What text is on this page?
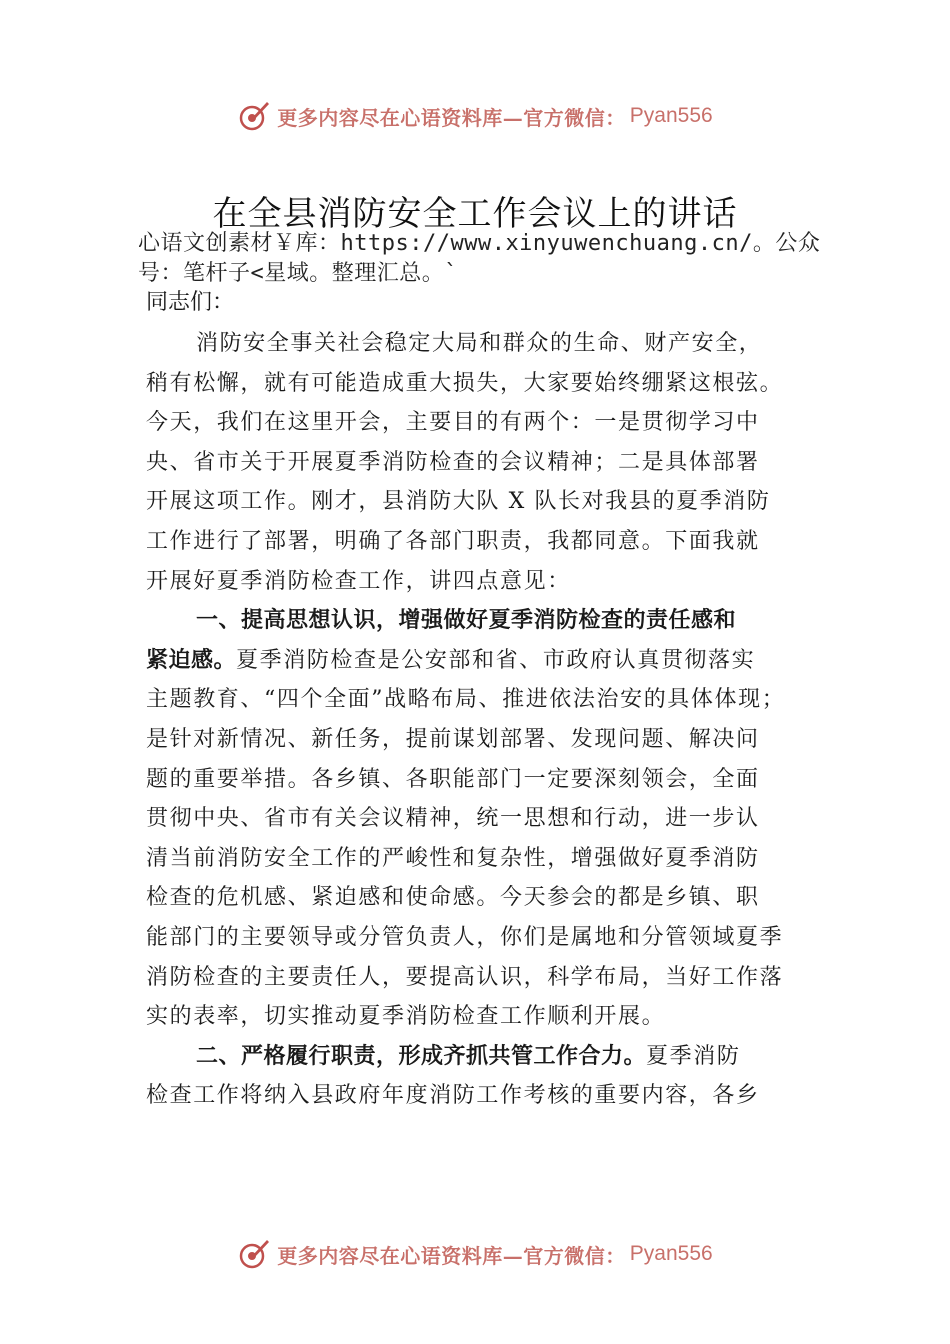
更多内容尽在心语资料库—官方微信： Pyan556
在全县消防安全工作会议上的讲话
心语文创素材￥库：https://www.xinyuwenchuang.cn/。公众
号：笔杆子<星域。整理汇总。`
同志们：
消防安全事关社会稳定大局和群众的生命、财产安全，
稍有松懈，就有可能造成重大损失，大家要始终绷紧这根弦。
今天，我们在这里开会，主要目的有两个：一是贯彻学习中
央、省市关于开展夏季消防检查的会议精神；二是具体部署
开展这项工作。刚才，县消防大队 X 队长对我县的夏季消防
工作进行了部署，明确了各部门职责，我都同意。下面我就
开展好夏季消防检查工作，讲四点意见：
一、提高思想认识，增强做好夏季消防检查的责任感和
紧迫感。夏季消防检查是公安部和省、市政府认真贯彻落实
主题教育、“四个全面”战略布局、推进依法治安的具体体现；
是针对新情况、新任务，提前谋划部署、发现问题、解决问
题的重要举措。各乡镇、各职能部门一定要深刻领会，全面
贯彻中央、省市有关会议精神，统一思想和行动，进一步认
清当前消防安全工作的严峻性和复杂性，增强做好夏季消防
检查的危机感、紧迫感和使命感。今天参会的都是乡镇、职
能部门的主要领导或分管负责人，你们是属地和分管领域夏季
消防检查的主要责任人，要提高认识，科学布局，当好工作落
实的表率，切实推动夏季消防检查工作顺利开展。
二、严格履行职责，形成齐抓共管工作合力。夏季消防
检查工作将纳入县政府年度消防工作考核的重要内容，各乡
更多内容尽在心语资料库—官方微信： Pyan556
